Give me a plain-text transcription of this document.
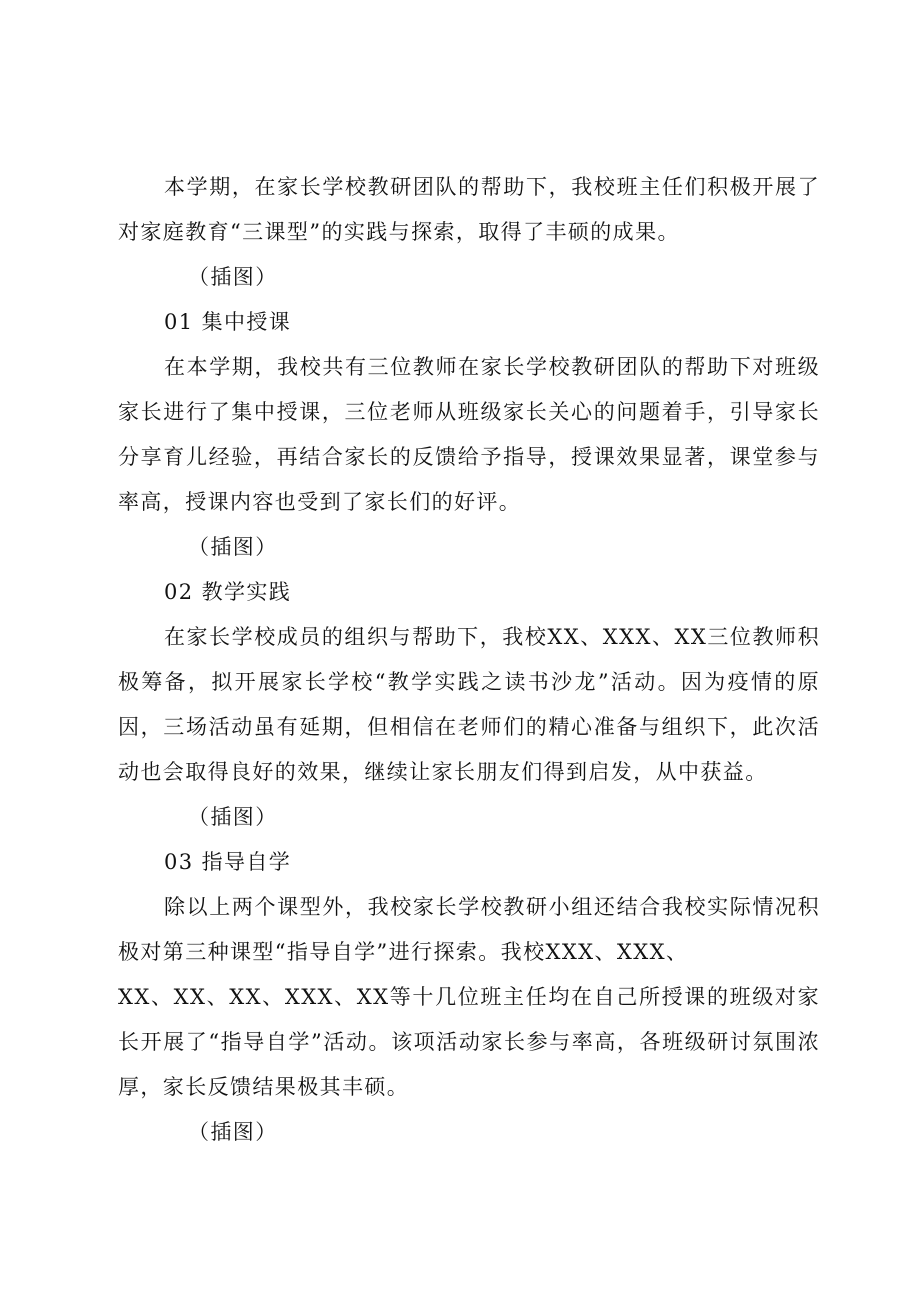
本学期，在家长学校教研团队的帮助下，我校班主任们积极开展了对家庭教育“三课型”的实践与探索，取得了丰硕的成果。

（插图）

01 集中授课

在本学期，我校共有三位教师在家长学校教研团队的帮助下对班级家长进行了集中授课，三位老师从班级家长关心的问题着手，引导家长分享育儿经验，再结合家长的反馈给予指导，授课效果显著，课堂参与率高，授课内容也受到了家长们的好评。

（插图）

02 教学实践

在家长学校成员的组织与帮助下，我校XX、XXX、XX三位教师积极筹备，拟开展家长学校“教学实践之读书沙龙”活动。因为疫情的原因，三场活动虽有延期，但相信在老师们的精心准备与组织下，此次活动也会取得良好的效果，继续让家长朋友们得到启发，从中获益。

（插图）

03 指导自学

除以上两个课型外，我校家长学校教研小组还结合我校实际情况积极对第三种课型“指导自学”进行探索。我校XXX、XXX、

XX、XX、XX、XXX、XX等十几位班主任均在自己所授课的班级对家长开展了“指导自学”活动。该项活动家长参与率高，各班级研讨氛围浓厚，家长反馈结果极其丰硕。

（插图）
